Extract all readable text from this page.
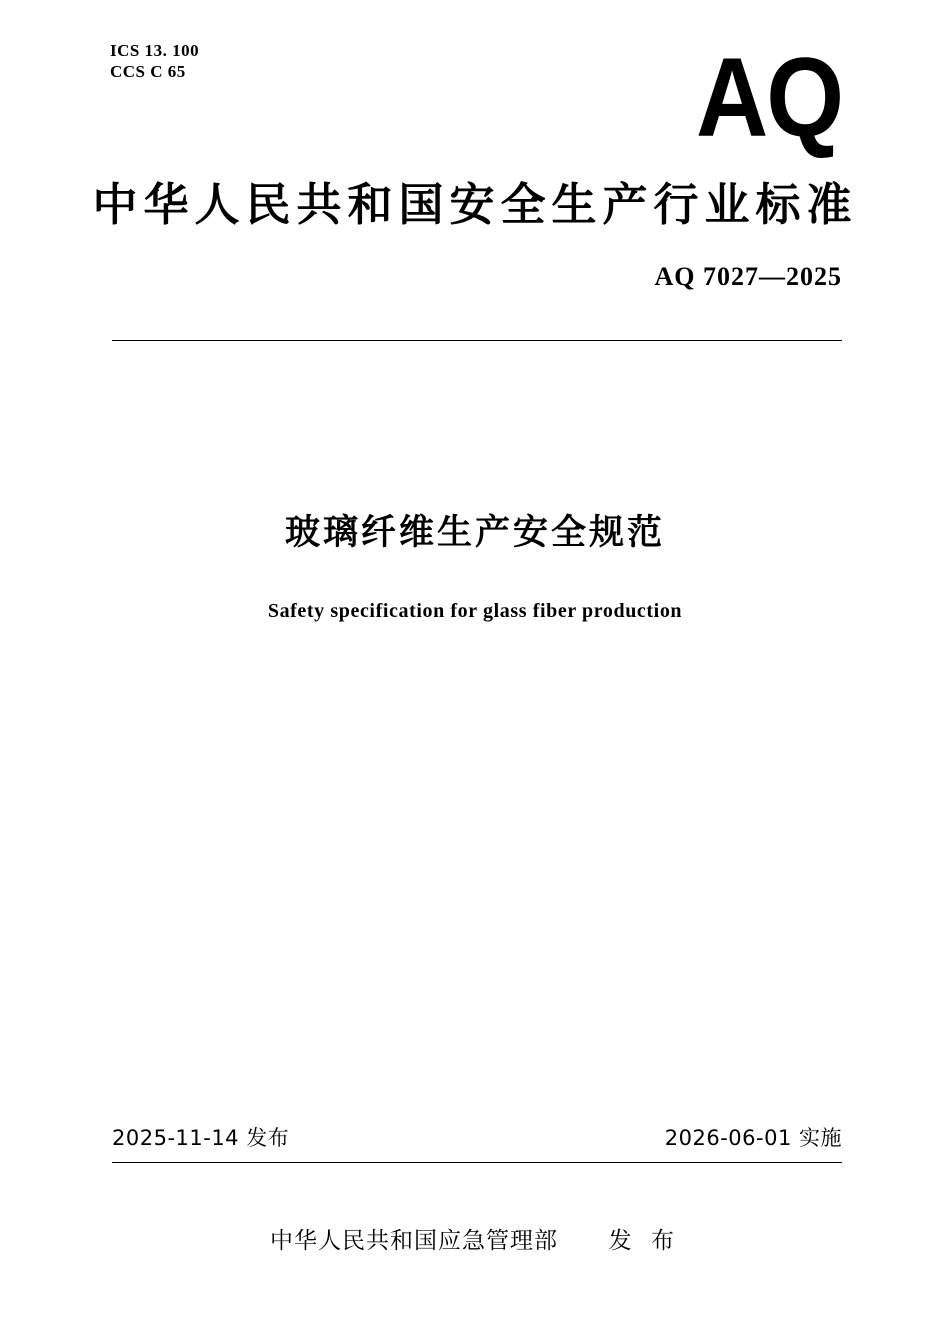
ICS 13. 100
CCS C 65	AQ
中华人民共和国安全生产行业标准
AQ 7027—2025
玻璃纤维生产安全规范
Safety specification for glass fiber production
2025-11-14 发布	2026-06-01 实施
中华人民共和国应急管理部 发 布
